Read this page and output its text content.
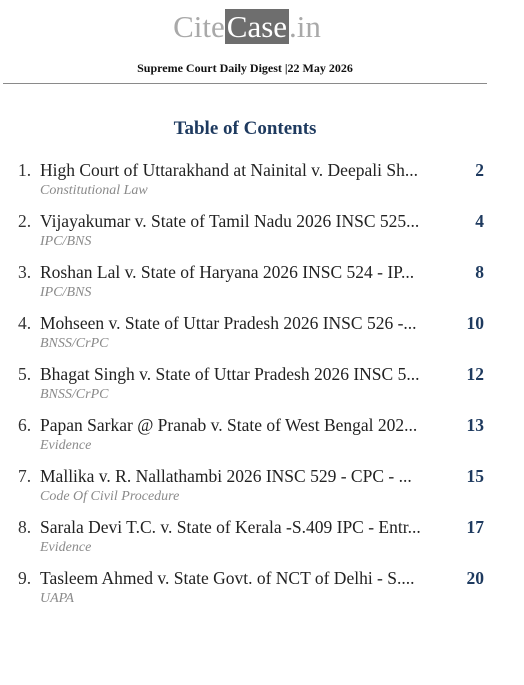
CiteCase.in
Supreme Court Daily Digest |22 May 2026
Table of Contents
1. High Court of Uttarakhand at Nainital v. Deepali Sh...	2
Constitutional Law
2. Vijayakumar v. State of Tamil Nadu 2026 INSC 525...	4
IPC/BNS
3. Roshan Lal v. State of Haryana 2026 INSC 524 - IP...	8
IPC/BNS
4. Mohseen v. State of Uttar Pradesh 2026 INSC 526 -...	10
BNSS/CrPC
5. Bhagat Singh v. State of Uttar Pradesh 2026 INSC 5...	12
BNSS/CrPC
6. Papan Sarkar @ Pranab v. State of West Bengal 202...	13
Evidence
7. Mallika v. R. Nallathambi 2026 INSC 529 - CPC - ...	15
Code Of Civil Procedure
8. Sarala Devi T.C. v. State of Kerala -S.409 IPC - Entr...	17
Evidence
9. Tasleem Ahmed v. State Govt. of NCT of Delhi - S....	20
UAPA
